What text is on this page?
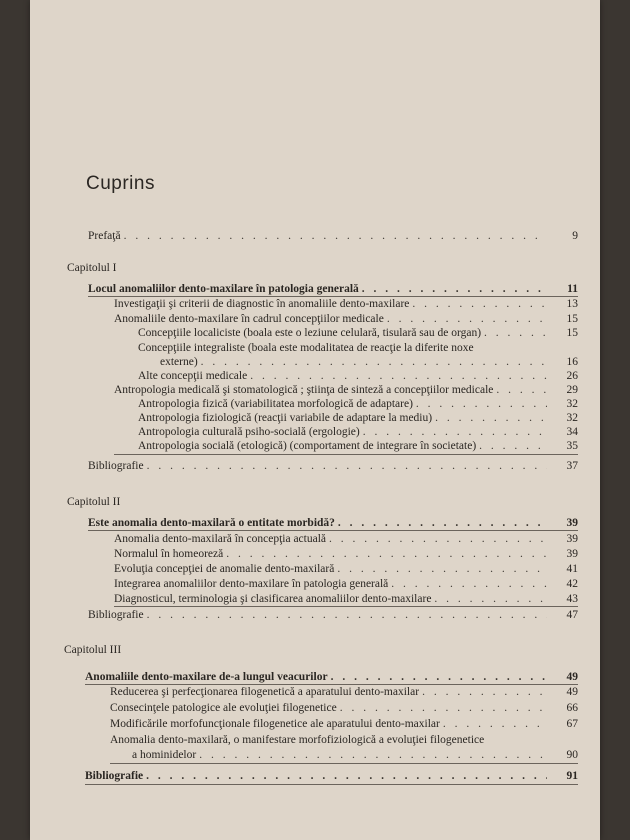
Cuprins
Prefaţă . . .	9
Capitolul I
Locul anomaliilor dento-maxilare în patologia generală . . .	11
Investigaţii şi criterii de diagnostic în anomaliile dento-maxilare . . .	13
Anomaliile dento-maxilare în cadrul concepţiilor medicale . . .	15
Concepţiile localiciste (boala este o leziune celulară, tisulară sau de organ) . . .	15
Concepţiile integraliste (boala este modalitatea de reacţie la diferite noxe
externe) . . .	16
Alte concepţii medicale . . .	26
Antropologia medicală şi stomatologică ; ştiinţa de sinteză a concepţiilor medicale . . .	29
Antropologia fizică (variabilitatea morfologică de adaptare) . . .	32
Antropologia fiziologică (reacţii variabile de adaptare la mediu) . . .	32
Antropologia culturală psiho-socială (ergologie) . . .	34
Antropologia socială (etologică) (comportament de integrare în societate) . . .	35
Bibliografie . . .	37
Capitolul II
Este anomalia dento-maxilară o entitate morbidă? . . .	39
Anomalia dento-maxilară în concepţia actuală . . .	39
Normalul în homeoreză . . .	39
Evoluţia concepţiei de anomalie dento-maxilară . . .	41
Integrarea anomaliilor dento-maxilare în patologia generală . . .	42
Diagnosticul, terminologia şi clasificarea anomaliilor dento-maxilare . . .	43
Bibliografie . . .	47
Capitolul III
Anomaliile dento-maxilare de-a lungul veacurilor . . .	49
Reducerea şi perfecţionarea filogenetică a aparatului dento-maxilar . . .	49
Consecinţele patologice ale evoluţiei filogenetice . . .	66
Modificările morfofuncţionale filogenetice ale aparatului dento-maxilar . . .	67
Anomalia dento-maxilară, o manifestare morfofiziologică a evoluţiei filogenetice
a hominidelor . . .	90
Bibliografie . . .	91
